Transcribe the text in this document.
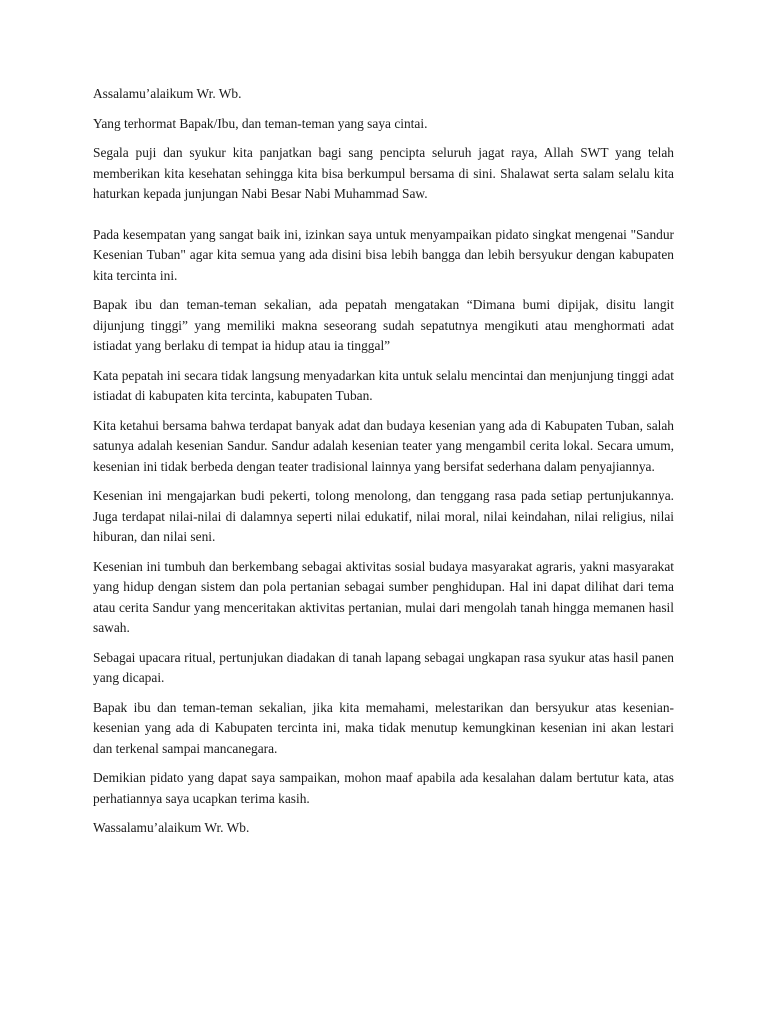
Assalamu’alaikum Wr. Wb.

Yang terhormat Bapak/Ibu, dan teman-teman yang saya cintai.

Segala puji dan syukur kita panjatkan bagi sang pencipta seluruh jagat raya, Allah SWT yang telah memberikan kita kesehatan sehingga kita bisa berkumpul bersama di sini. Shalawat serta salam selalu kita haturkan kepada junjungan Nabi Besar Nabi Muhammad Saw.

Pada kesempatan yang sangat baik ini, izinkan saya untuk menyampaikan pidato singkat mengenai "Sandur Kesenian Tuban" agar kita semua yang ada disini bisa lebih bangga dan lebih bersyukur dengan kabupaten kita tercinta ini.

Bapak ibu dan teman-teman sekalian, ada pepatah mengatakan “Dimana bumi dipijak, disitu langit dijunjung tinggi” yang memiliki makna seseorang sudah sepatutnya mengikuti atau menghormati adat istiadat yang berlaku di tempat ia hidup atau ia tinggal”

Kata pepatah ini secara tidak langsung menyadarkan kita untuk selalu mencintai dan menjunjung tinggi adat istiadat di kabupaten kita tercinta, kabupaten Tuban.

Kita ketahui bersama bahwa terdapat banyak adat dan budaya kesenian yang ada di Kabupaten Tuban, salah satunya adalah kesenian Sandur. Sandur adalah kesenian teater yang mengambil cerita lokal. Secara umum, kesenian ini tidak berbeda dengan teater tradisional lainnya yang bersifat sederhana dalam penyajiannya.

Kesenian ini mengajarkan budi pekerti, tolong menolong, dan tenggang rasa pada setiap pertunjukannya. Juga terdapat nilai-nilai di dalamnya seperti nilai edukatif, nilai moral, nilai keindahan, nilai religius, nilai hiburan, dan nilai seni.

Kesenian ini tumbuh dan berkembang sebagai aktivitas sosial budaya masyarakat agraris, yakni masyarakat yang hidup dengan sistem dan pola pertanian sebagai sumber penghidupan. Hal ini dapat dilihat dari tema atau cerita Sandur yang menceritakan aktivitas pertanian, mulai dari mengolah tanah hingga memanen hasil sawah.

Sebagai upacara ritual, pertunjukan diadakan di tanah lapang sebagai ungkapan rasa syukur atas hasil panen yang dicapai.

Bapak ibu dan teman-teman sekalian, jika kita memahami, melestarikan dan bersyukur atas kesenian-kesenian yang ada di Kabupaten tercinta ini, maka tidak menutup kemungkinan kesenian ini akan lestari dan terkenal sampai mancanegara.

Demikian pidato yang dapat saya sampaikan, mohon maaf apabila ada kesalahan dalam bertutur kata, atas perhatiannya saya ucapkan terima kasih.

Wassalamu’alaikum Wr. Wb.
